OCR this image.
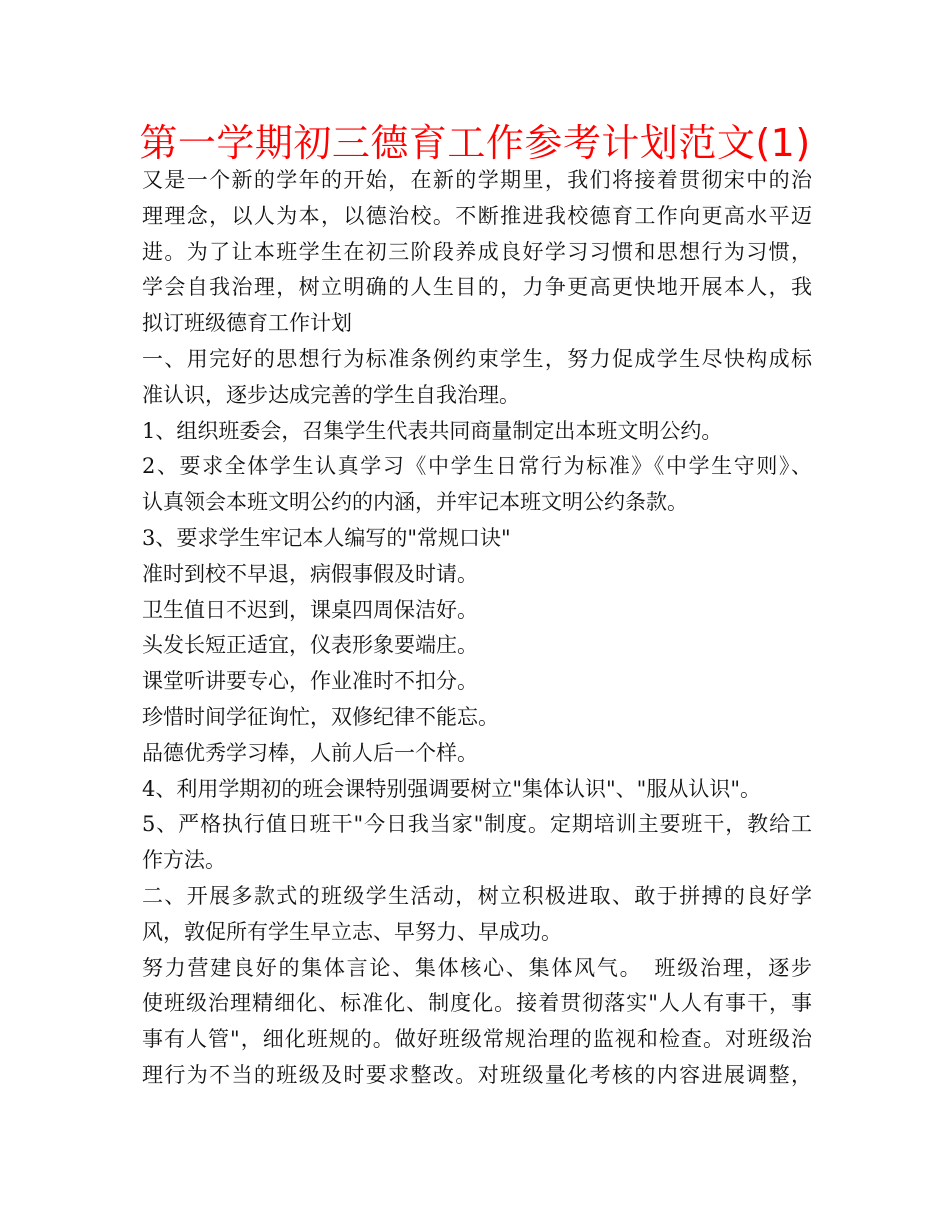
第一学期初三德育工作参考计划范文(1)
又是一个新的学年的开始，在新的学期里，我们将接着贯彻宋中的治
理理念，以人为本，以德治校。不断推进我校德育工作向更高水平迈
进。为了让本班学生在初三阶段养成良好学习习惯和思想行为习惯，
学会自我治理，树立明确的人生目的，力争更高更快地开展本人，我
拟订班级德育工作计划
一、用完好的思想行为标准条例约束学生，努力促成学生尽快构成标
准认识，逐步达成完善的学生自我治理。
1、组织班委会，召集学生代表共同商量制定出本班文明公约。
2、要求全体学生认真学习《中学生日常行为标准》《中学生守则》、
认真领会本班文明公约的内涵，并牢记本班文明公约条款。
3、要求学生牢记本人编写的"常规口诀"
准时到校不早退，病假事假及时请。
卫生值日不迟到，课桌四周保洁好。
头发长短正适宜，仪表形象要端庄。
课堂听讲要专心，作业准时不扣分。
珍惜时间学征询忙，双修纪律不能忘。
品德优秀学习棒，人前人后一个样。
4、利用学期初的班会课特别强调要树立"集体认识"、"服从认识"。
5、严格执行值日班干"今日我当家"制度。定期培训主要班干，教给工
作方法。
二、开展多款式的班级学生活动，树立积极进取、敢于拼搏的良好学
风，敦促所有学生早立志、早努力、早成功。
努力营建良好的集体言论、集体核心、集体风气。　班级治理，逐步
使班级治理精细化、标准化、制度化。接着贯彻落实"人人有事干，事
事有人管"，细化班规的。做好班级常规治理的监视和检查。对班级治
理行为不当的班级及时要求整改。对班级量化考核的内容进展调整，
